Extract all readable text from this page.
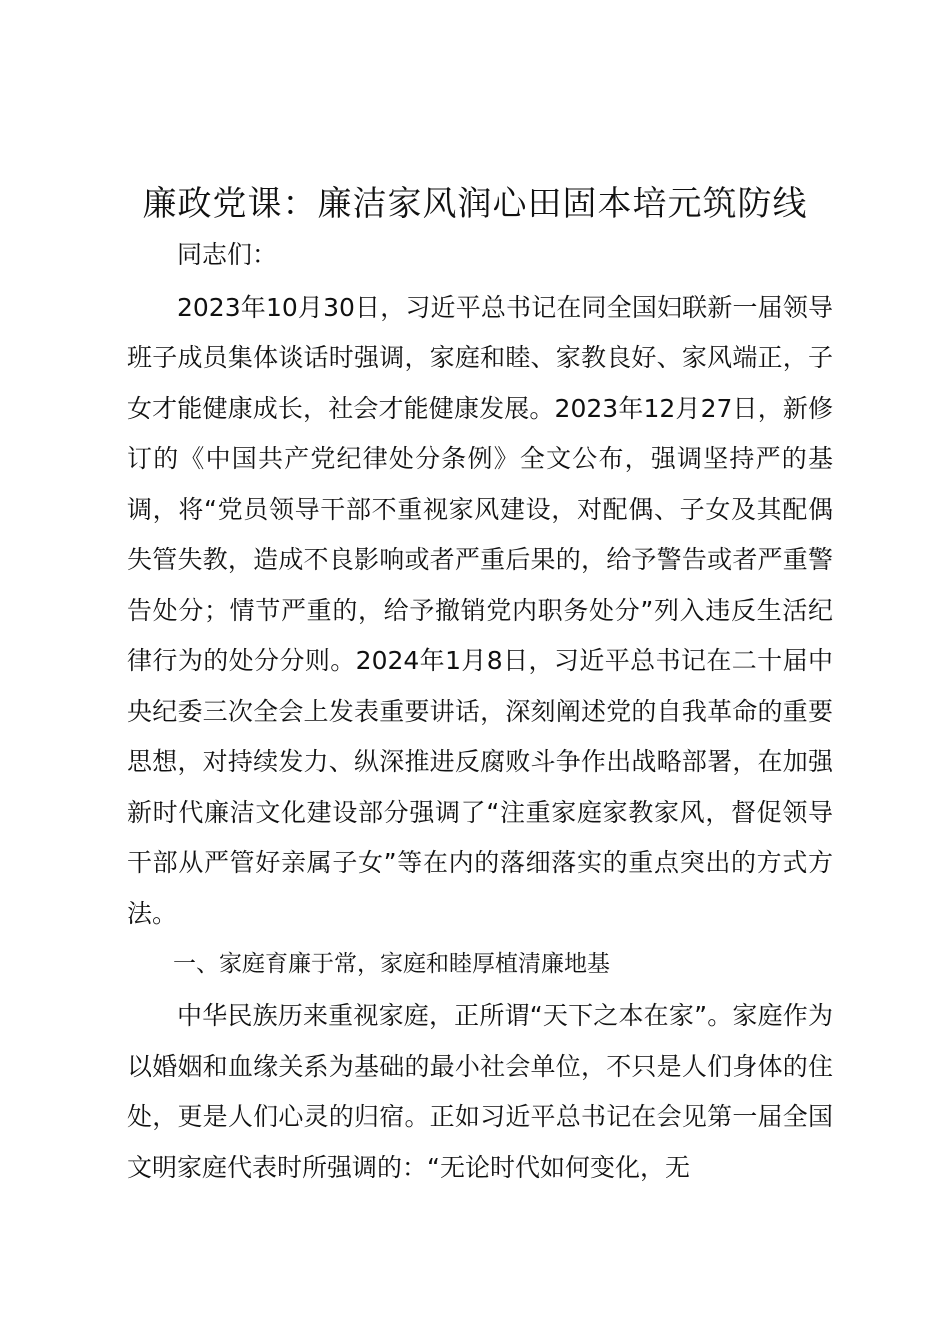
廉政党课：廉洁家风润心田固本培元筑防线

同志们：

2023年10月30日，习近平总书记在同全国妇联新一届领导班子成员集体谈话时强调，家庭和睦、家教良好、家风端正，子女才能健康成长，社会才能健康发展。2023年12月27日，新修订的《中国共产党纪律处分条例》全文公布，强调坚持严的基调，将“党员领导干部不重视家风建设，对配偶、子女及其配偶失管失教，造成不良影响或者严重后果的，给予警告或者严重警告处分；情节严重的，给予撤销党内职务处分”列入违反生活纪律行为的处分分则。2024年1月8日，习近平总书记在二十届中央纪委三次全会上发表重要讲话，深刻阐述党的自我革命的重要思想，对持续发力、纵深推进反腐败斗争作出战略部署，在加强新时代廉洁文化建设部分强调了“注重家庭家教家风，督促领导干部从严管好亲属子女”等在内的落细落实的重点突出的方式方法。

一、家庭育廉于常，家庭和睦厚植清廉地基

中华民族历来重视家庭，正所谓“天下之本在家”。家庭作为以婚姻和血缘关系为基础的最小社会单位，不只是人们身体的住处，更是人们心灵的归宿。正如习近平总书记在会见第一届全国文明家庭代表时所强调的：“无论时代如何变化，无
